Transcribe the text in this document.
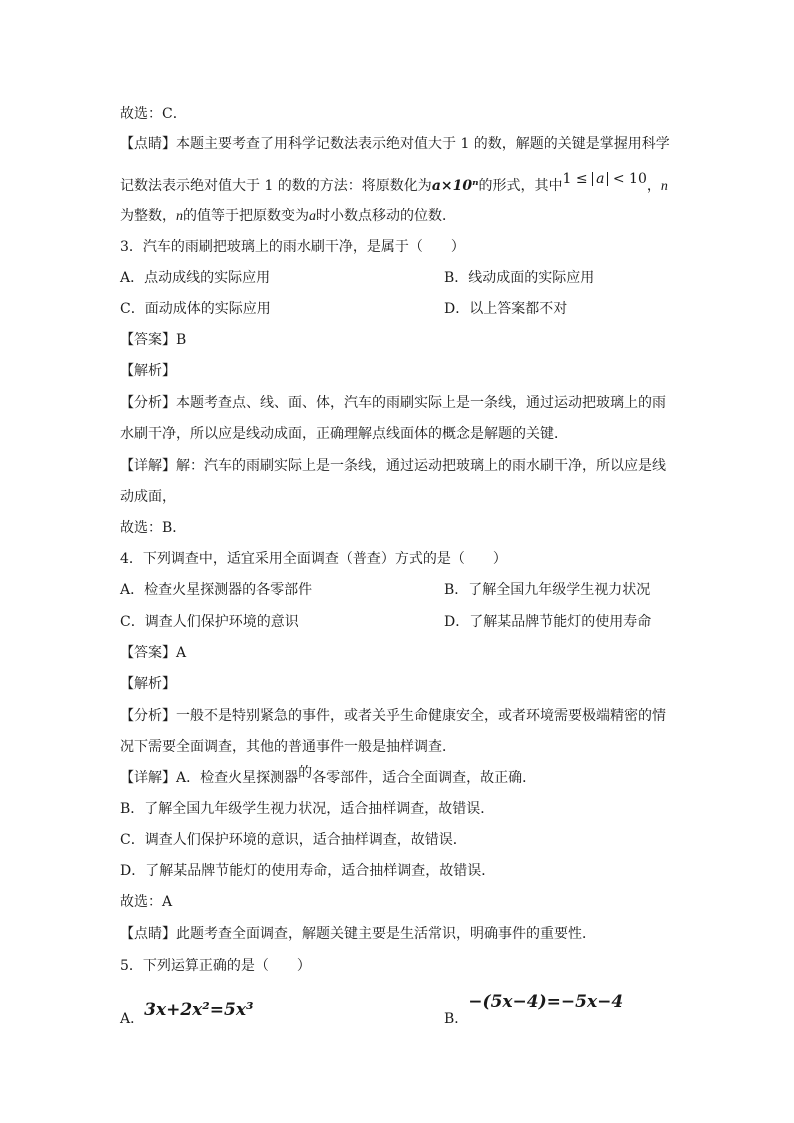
故选：C．
【点睛】本题主要考查了用科学记数法表示绝对值大于 1 的数，解题的关键是掌握用科学
记数法表示绝对值大于 1 的数的方法：将原数化为a×10ⁿ的形式，其中1 ≤ a < 10，n
为整数，n的值等于把原数变为a时小数点移动的位数．
3．汽车的雨刷把玻璃上的雨水刷干净，是属于（　　）
A．点动成线的实际应用	B．线动成面的实际应用
C．面动成体的实际应用	D．以上答案都不对
【答案】B
【解析】
【分析】本题考查点、线、面、体，汽车的雨刷实际上是一条线，通过运动把玻璃上的雨
水刷干净，所以应是线动成面，正确理解点线面体的概念是解题的关键．
【详解】解：汽车的雨刷实际上是一条线，通过运动把玻璃上的雨水刷干净，所以应是线
动成面，
故选：B．
4．下列调查中，适宜采用全面调查（普查）方式的是（　　）
A．检查火星探测器的各零部件	B．了解全国九年级学生视力状况
C．调查人们保护环境的意识	D．了解某品牌节能灯的使用寿命
【答案】A
【解析】
【分析】一般不是特别紧急的事件，或者关乎生命健康安全，或者环境需要极端精密的情
况下需要全面调查，其他的普通事件一般是抽样调查．
【详解】A．检查火星探测器的各零部件，适合全面调查，故正确．
B．了解全国九年级学生视力状况，适合抽样调查，故错误．
C．调查人们保护环境的意识，适合抽样调查，故错误．
D．了解某品牌节能灯的使用寿命，适合抽样调查，故错误．
故选：A
【点睛】此题考查全面调查，解题关键主要是生活常识，明确事件的重要性．
5．下列运算正确的是（　　）
A．3x+2x²=5x³	B．−(5x−4)=−5x−4
